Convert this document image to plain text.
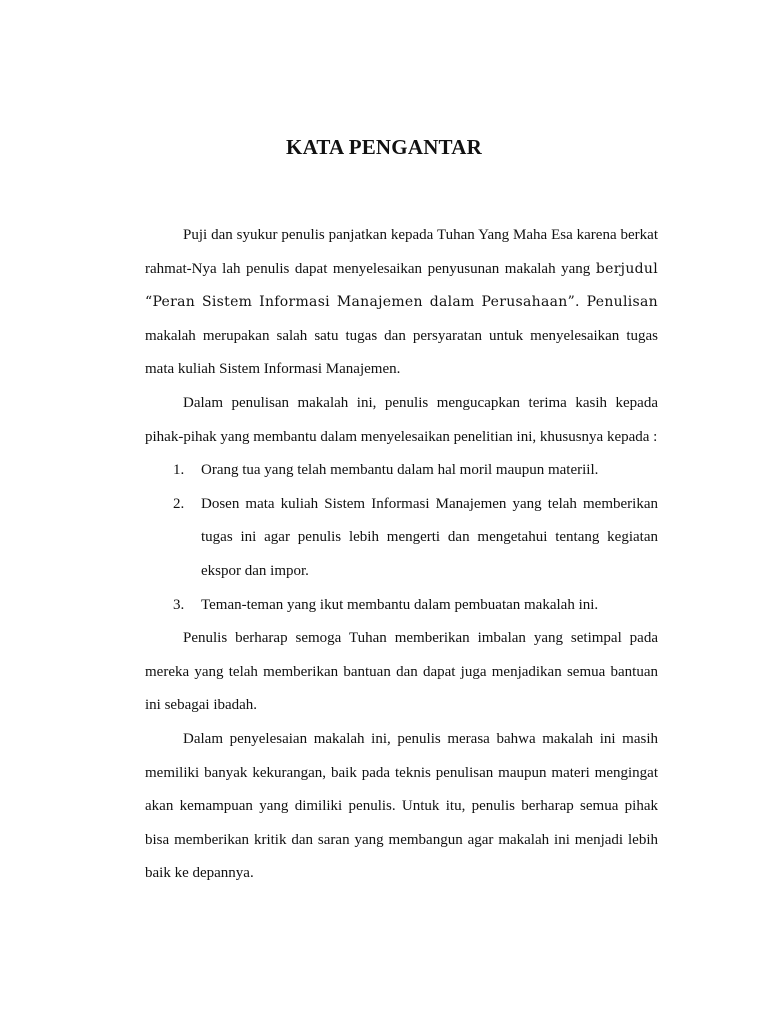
KATA PENGANTAR

Puji dan syukur penulis panjatkan kepada Tuhan Yang Maha Esa karena berkat rahmat-Nya lah penulis dapat menyelesaikan penyusunan makalah yang berjudul “Peran Sistem Informasi Manajemen dalam Perusahaan”. Penulisan makalah merupakan salah satu tugas dan persyaratan untuk menyelesaikan tugas mata kuliah Sistem Informasi Manajemen.

Dalam penulisan makalah ini, penulis mengucapkan terima kasih kepada pihak-pihak yang membantu dalam menyelesaikan penelitian ini, khususnya kepada :

1. Orang tua yang telah membantu dalam hal moril maupun materiil.
2. Dosen mata kuliah Sistem Informasi Manajemen yang telah memberikan tugas ini agar penulis lebih mengerti dan mengetahui tentang kegiatan ekspor dan impor.
3. Teman-teman yang ikut membantu dalam pembuatan makalah ini.

Penulis berharap semoga Tuhan memberikan imbalan yang setimpal pada mereka yang telah memberikan bantuan dan dapat juga menjadikan semua bantuan ini sebagai ibadah.

Dalam penyelesaian makalah ini, penulis merasa bahwa makalah ini masih memiliki banyak kekurangan, baik pada teknis penulisan maupun materi mengingat akan kemampuan yang dimiliki penulis. Untuk itu, penulis berharap semua pihak bisa memberikan kritik dan saran yang membangun agar makalah ini menjadi lebih baik ke depannya.
